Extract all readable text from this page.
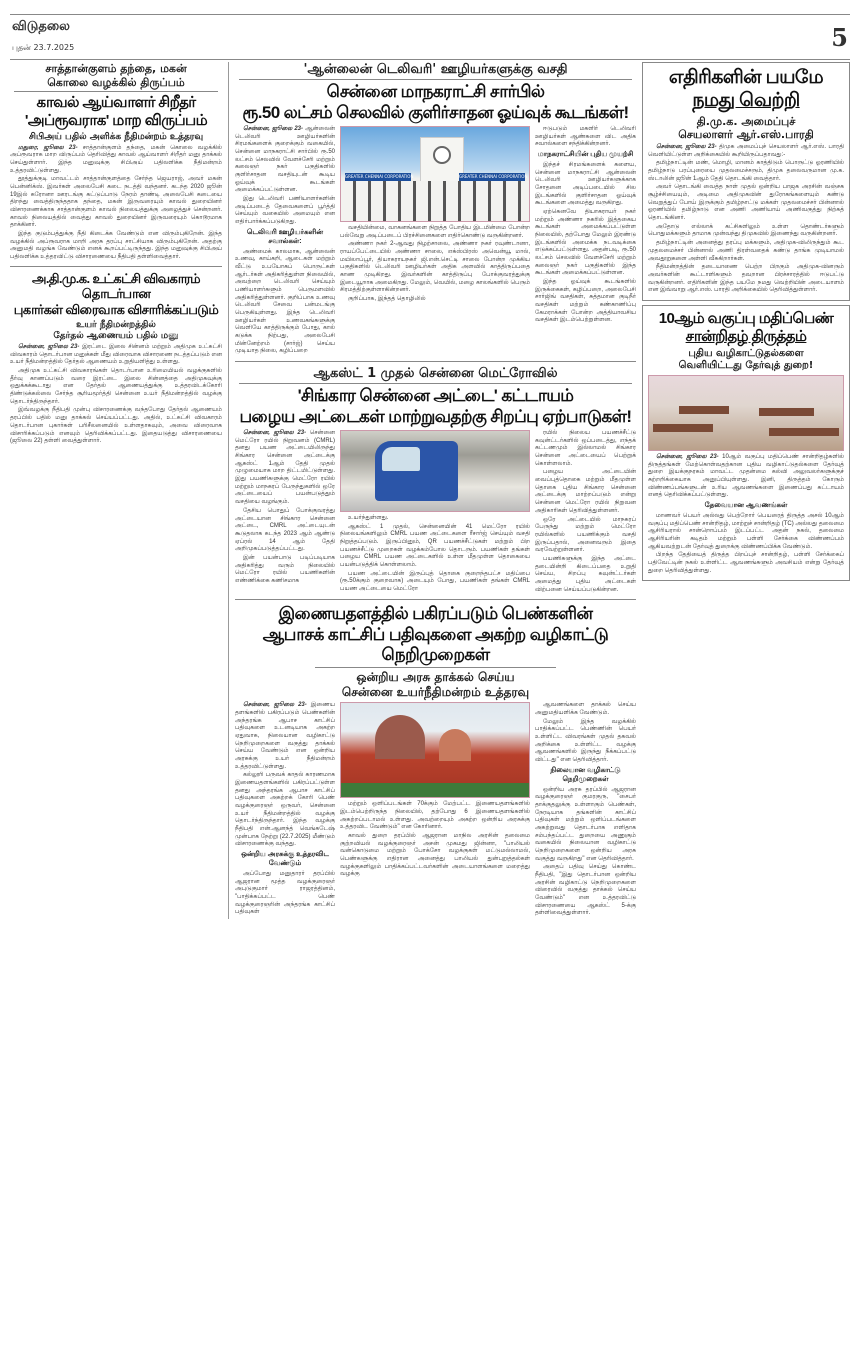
விடுதலை
புதன் 23.7.2025	5
சாத்தான்குளம் தந்தை, மகன்
கொலை வழக்கில் திருப்பம்
காவல் ஆய்வாளர் சிறீதர்
'அப்ரூவராக' மாற விருப்பம்
சிபிஅய் பதில் அளிக்க நீதிமன்றம் உத்தரவு

மதுரை, ஜூலை 23- சாத்தான்குளம் தந்தை, மகன் கொலை வழக்கில் அப்ரூவராக மாற விருப்பம் தெரிவித்து காவல் ஆய்வாளர் சிறீதர் மனு தாக்கல் செய்துள்ளார். இந்த மனுவுக்கு சிபிஅய் பதிலளிக்க நீதிமன்றம் உத்தரவிட்டுள்ளது.

தூத்துக்குடி மாவட்டம் சாத்தான்குளத்தை சேர்ந்த ஜெயராஜ், அவர் மகன் பென்னிக்ஸ். இவர்கள் அலைபேசி கடை நடத்தி வந்தனர். கடந்த 2020 ஜூன் 19இல் கரோனா ஊரடங்கு கட்டுப்பாடு நேரம் தாண்டி அலைபேசி கடையை திறந்து வைத்திருந்ததாக தந்தை, மகன் இருவரையும் காவல் துறையினர் விசாரணைக்காக சாத்தான்குளம் காவல் நிலையத்துக்கு அழைத்துச் சென்றனர். காவல் நிலையத்தில் வைத்து காவல் துறையினர் இருவரையும் கொடூரமாக தாக்கினர்.

இந்த குடும்பத்துக்கு நீதி கிடைக்க வேண்டும் என விரும்புகிறேன். இந்த வழக்கில் அப்ரூவராக மாறி அரசு தரப்பு சாட்சியாக விரும்புகிறேன். அதற்கு அனுமதி வழங்க வேண்டும் எனக் கூறப்பட்டிருந்தது. இந்த மனுவுக்கு சிபிஅய் பதிலளிக்க உத்தரவிட்டு விசாரணையை நீதிபதி தள்ளிவைத்தார்.

அ.தி.மு.க. உட்கட்சி விவகாரம் தொடர்பான
புகார்கள் விரைவாக விசாரிக்கப்படும்
உயர் நீதிமன்றத்தில்
தேர்தல் ஆணையம் பதில் மனு

சென்னை, ஜூலை 23- இரட்டை இலை சின்னம் மற்றும் அதிமுக உட்கட்சி விவகாரம் தொடர்பான மனுக்கள் மீது விரைவாக விசாரணை நடத்தப்படும் என உயர் நீதிமன்றத்தில் தேர்தல் ஆணையம் உறுதியளித்து உள்ளது.

அதிமுக உட்கட்சி விவகாரங்கள் தொடர்பான உரிமையியல் வழக்குகளில் தீர்வு காணப்படும் வரை இரட்டை இலை சின்னத்தை அதிமுகவுக்கு ஒதுக்கக்கூடாது என தேர்தல் ஆணையத்துக்கு உத்தரவிடக்கோரி திண்டுக்கல்லை சேர்ந்த சூரியமூர்த்தி சென்னை உயர் நீதிமன்றத்தில் வழக்கு தொடர்ந்திருந்தார்.

இவ்வழக்கு நீதிபதி முன்பு விசாரணைக்கு வந்தபோது தேர்தல் ஆணையம் தரப்பில் பதில் மனு தாக்கல் செய்யப்பட்டது. அதில், உட்கட்சி விவகாரம் தொடர்பான புகார்கள் பரிசீலனையில் உள்ளதாகவும், அவை விரைவாக விசாரிக்கப்படும் எனவும் தெரிவிக்கப்பட்டது. இதையடுத்து விசாரணையை (ஜூலை 22) தள்ளி வைத்துள்ளார்.

'ஆன்லைன் டெலிவரி' ஊழியர்களுக்கு வசதி
சென்னை மாநகராட்சி சார்பில்
ரூ.50 லட்சம் செலவில் குளிர்சாதன ஓய்வுக் கூடங்கள்!

சென்னை, ஜூலை 23- ஆன்லைன் டெலிவரி ஊழியர்களின் சிரமங்களைக் குறைக்கும் வகையில், சென்னை மாநகராட்சி சார்பில் ரூ.50 லட்சம் செலவில் வேளச்சேரி மற்றும் கலைஞர் நகர் பகுதிகளில் குளிர்சாதன வசதியுடன் கூடிய ஓய்வுக் கூடங்கள் அமைக்கப்பட்டுள்ளன.

இது டெலிவரி பணியாளர்களின் அடிப்படைத் தேவைகளைப் பூர்த்தி செய்யும் வகையில் அமையும் என எதிர்பார்க்கப்படுகிறது.

டெலிவரி ஊழியர்களின் சவால்கள்:

அண்மைக் காலமாக, ஆன்லைன் உணவு, காய்கறி, ஆடைகள் மற்றும் வீட்டு உபயோகப் பொருட்கள் ஆர்டர்கள் அதிகரித்துள்ள நிலையில், அவற்றை டெலிவரி செய்யும் பணியாளர்களும் பெருமளவில் அதிகரித்துள்ளனர். குறிப்பாக உணவு டெலிவரி சேவை பன்மடங்கு பெருகியுள்ளது. இந்த டெலிவரி ஊழியர்கள் உணவகங்களுக்கு வெளியே காத்திருக்கும் போது, கால் கடுக்க நிற்பது, அலைபேசி மின்னேற்றம் (சார்ஜ்) செய்ய முடியாத நிலை, கழிப்பறை

GREATER CHENNAI CORPORATION	GREATER CHENNAI CORPORATION

வசதியின்மை, வாகனங்களை நிறுத்த போதிய இடமின்மை போன்ற பல்வேறு அடிப்படைப் பிரச்சினைகளை எதிர்கொண்டு வருகின்றனர்.

அண்ணா நகர் 2-ஆவது நிழற்சாலை, அண்ணா நகர் ரவுண்டானா, ராயப்பேட்டையில் அண்ணா சாலை, எக்ஸ்பிரஸ் அவென்யூ மால், மயிலாப்பூர், தியாகராயநகர் ஜி.என்.செட்டி சாலை போன்ற முக்கிய பகுதிகளில் டெலிவரி ஊழியர்கள் அதிக அளவில் காத்திருப்பதை காண முடிகிறது. இவர்களின் காத்திருப்பு போக்குவரத்துக்கு இடையூறாக அமைகிறது. மேலும், வெயில், மழை காலங்களில் பெரும் சிரமத்திற்குள்ளாகின்றனர்.

குறிப்பாக, இந்தத் தொழிலில்

ஈடுபடும் மகளிர் டெலிவரி ஊழியர்கள் ஆண்களை விட அதிக சவால்களை சந்திக்கின்றனர்.

மாநகராட்சியின் புதிய முயற்சி

இந்தச் சிரமங்களைக் களைய, சென்னை மாநகராட்சி ஆன்லைன் டெலிவரி ஊழியர்களுக்காக சோதனை அடிப்படையில் சில இடங்களில் குளிர்சாதன ஓய்வுக் கூடங்களை அமைத்து வருகிறது.

ஏற்கெனவே தியாகராயர் நகர் மற்றும் அண்ணா நகரில் இத்தகைய கூடங்கள் அமைக்கப்பட்டுள்ள நிலையில், தற்போது மேலும் இரண்டு இடங்களில் அமைக்க நடவடிக்கை எடுக்கப்பட்டுள்ளது. அதன்படி, ரூ.50 லட்சம் செலவில் வேளச்சேரி மற்றும் கலைஞர் நகர் பகுதிகளில் இந்த கூடங்கள் அமைக்கப்பட்டுள்ளன.

இந்த ஓய்வுக் கூடங்களில் இருக்கைகள், கழிப்பறை, அலைபேசி சார்ஜிங் வசதிகள், சுத்தமான குடிநீர் வசதிகள் மற்றும் கண்காணிப்பு கேமராக்கள் போன்ற அத்தியாவசிய வசதிகள் இடம்பெற்றுள்ளன.

ஆகஸ்ட் 1 முதல் சென்னை மெட்ரோவில்
'சிங்கார சென்னை அட்டை' கட்டாயம்
பழைய அட்டைகள் மாற்றுவதற்கு சிறப்பு ஏற்பாடுகள்!

சென்னை, ஜூலை 23- சென்னை மெட்ரோ ரயில் நிறுவனம் (CMRL) தனது பயண அட்டையிலிருந்து சிங்கார சென்னை அட்டைக்கு ஆகஸ்ட் 1ஆம் தேதி முதல் முழுமையாக மாற திட்டமிட்டுள்ளது. இது பயணிகளுக்கு மெட்ரோ ரயில் மற்றும் மாநகரப் பேருந்துகளில் ஒரே அட்டையைப் பயன்படுத்தும் வசதியை வழங்கும்.

தேசிய பொதுப் போக்குவரத்து அட்டையான சிங்கார சென்னை அட்டை, CMRL அட்டையுடன் கூடுதலாக கடந்த 2023 ஆம் ஆண்டு ஏப்ரல் 14 ஆம் தேதி அறிமுகப்படுத்தப்பட்டது.

இன் பயன்பாடு படிப்படியாக அதிகரித்து வரும் நிலையில் மெட்ரோ ரயில் பயணிகளின் எண்ணிக்கை கணிசமாக

உயர்ந்துள்ளது.

ஆகஸ்ட் 1 முதல், சென்னையின் 41 மெட்ரோ ரயில் நிலையங்களிலும் CMRL பயண அட்டைகளை ரீசார்ஜ் செய்யும் வசதி நிறுத்தப்படும். இருப்பினும், QR பயணச்சீட்டுகள் மற்றும் பிற பயணச்சீட்டு முறைகள் வழக்கம்போல தொடரும். பயணிகள் தங்கள் பழைய CMRL பயண அட்டைகளில் உள்ள மீதமுள்ள தொகையை பயன்படுத்திக் கொள்ளலாம்.

பயண அட்டையின் இருப்புத் தொகை குறைந்தபட்ச மதிப்பை (ரூ.50க்கும் குறைவாக) அடையும் போது, பயணிகள் தங்கள் CMRL பயண அட்டையை மெட்ரோ

ரயில் நிலைய பயணச்சீட்டு கவுன்ட்டர்களில் ஒப்படைத்து, எந்தக் கட்டணமும் இல்லாமல் சிங்கார சென்னை அட்டையைப் பெற்றுக் கொள்ளலாம்.

பழைய அட்டையின் வைப்புத்தொகை மற்றும் மீதமுள்ள தொகை புதிய சிங்கார சென்னை அட்டைக்கு மாற்றப்படும் என்று சென்னை மெட்ரோ ரயில் நிறுவன அதிகாரிகள் தெரிவித்துள்ளனர்.

ஒரே அட்டையில் மாநகரப் பேருந்து மற்றும் மெட்ரோ ரயில்களில் பயணிக்கும் வசதி இருப்பதால், அனைவரும் இதை வரவேற்றுள்ளனர்.

பயணிகளுக்கு இந்த அட்டை தடையின்றி கிடைப்பதை உறுதி செய்ய, சிறப்பு கவுன்ட்டர்கள் அமைத்து புதிய அட்டைகள் விற்பனை செய்யப்படுகின்றன.

இணையதளத்தில் பகிரப்படும் பெண்களின்
ஆபாசக் காட்சிப் பதிவுகளை அகற்ற வழிகாட்டு நெறிமுறைகள்
ஒன்றிய அரசு தாக்கல் செய்ய
சென்னை உயர்நீதிமன்றம் உத்தரவு

சென்னை, ஜூலை 23- இணைய தளங்களில் பகிரப்படும் பெண்களின் அந்தரங்க ஆபாச காட்சிப் பதிவுகளை உடனடியாக அகற்ற ஏதுவாக, நிலையான வழிகாட்டு நெறிமுறைகளை வகுத்து தாக்கல் செய்ய வேண்டும் என ஒன்றிய அரசுக்கு உயர் நீதிமன்றம் உத்தரவிட்டுள்ளது.

கல்லூரி பருவக் காதல் காரணமாக இணையதளங்களில் பகிரப்பட்டுள்ள தனது அந்தரங்க ஆபாச காட்சிப் பதிவுகளை அகற்றக் கோரி பெண் வழக்குரைஞர் ஒருவர், சென்னை உயர் நீதிமன்றத்தில் வழக்கு தொடர்ந்திருந்தார். இந்த வழக்கு நீதிபதி என்.ஆனந்த் வெங்கடேஷ் முன்பாக நேற்று (22.7.2025) மீண்டும் விசாரணைக்கு வந்தது.

ஒன்றிய அரசுக்கு உத்தரவிட வேண்டும்

அப்போது மனுதாரர் தரப்பில் ஆஜரான மூத்த வழக்குரைஞர் அபுடுகுமார் ராஜரத்தினம், "பாதிக்கப்பட்ட பெண் வழக்குரைஞரின் அந்தரங்க காட்சிப் பதிவுகள்

மற்றும் ஒளிப்படங்கள் 70க்கும் மேற்பட்ட இணையதளங்களில் இடம்பெற்றிருந்த நிலையில், தற்போது 6 இணையதளங்களில் அகற்றப்படாமல் உள்ளது. அவற்றையும் அகற்ற ஒன்றிய அரசுக்கு உத்தரவிட வேண்டும்" என கோரினார்.

காவல் துறை தரப்பில் ஆஜரான மாநில அரசின் தலைமை குற்றவியல் வழக்குரைஞர் அசன் முகமது ஜின்னா, "பாலியல் வன்கொடுமை மற்றும் போக்சோ வழக்குகள் மட்டுமல்லாமல், பெண்களுக்கு எதிரான அனைத்து பாலியல் துன்புறுத்தல்கள் வழக்குகளிலும் பாதிக்கப்பட்டவர்களின் அடையாளங்களை மறைத்து வழக்கு

ஆவணங்களை தாக்கல் செய்ய அனுமதியளிக்க வேண்டும்.

மேலும் இந்த வழக்கில் பாதிக்கப்பட்ட பெண்ணின் பெயர் உள்ளிட்ட விவரங்கள் முதல் தகவல் அறிக்கை உள்ளிட்ட வழக்கு ஆவணங்களில் இருந்து நீக்கப்பட்டு விட்டது" என தெரிவித்தார்.

நிலையான வழிகாட்டு நெறிமுறைகள்

ஒன்றிய அரசு தரப்பில் ஆஜரான வழக்குரைஞர் குமரகுரு, "சைபர் தாக்குதலுக்கு உள்ளாகும் பெண்கள், நேரடியாக தங்களின் காட்சிப் பதிவுகள் மற்றும் ஒளிப்படங்களை அகற்றுவது தொடர்பாக எளிதாக சம்பந்தப்பட்ட துறையை அணுகும் வகையில் நிலையான வழிகாட்டு நெறிமுறைகளை ஒன்றிய அரசு வகுத்து வருகிறது" என தெரிவித்தார்.

அதைப் பதிவு செய்து கொண்ட நீதிபதி, "இது தொடர்பான ஒன்றிய அரசின் வழிகாட்டு நெறிமுறைகளை விரைவில் வகுத்து தாக்கல் செய்ய வேண்டும்" என உத்தரவிட்டு விசாரணையை ஆகஸ்ட் 5-க்கு தள்ளிவைத்துள்ளார்.

எதிரிகளின் பயமே
நமது வெற்றி
தி.மு.க. அமைப்புச்
செயலாளர் ஆர்.எஸ்.பாரதி

சென்னை, ஜூலை 23- திமுக அமைப்புச் செயலாளர் ஆர்.எஸ். பாரதி வெளியிட்டுள்ள அறிக்கையில் கூறியிருப்பதாவது:-

தமிழ்நாட்டின் மண், மொழி, மானம் காத்திடும் பொருட்டு ஓரணியில் தமிழ்நாடு பரப்புரையை முதலமைச்சரும், திமுக தலைவருமான மு.க. ஸ்டாலின் ஜூன் 1ஆம் தேதி தொடங்கி வைத்தார்.

அவர் தொடங்கி வைத்த நாள் முதல் ஒன்றிய பாஜக அரசின் வஞ்சக சூழ்ச்சியையும், அடிமை அதிமுகவின் துரோகங்களையும் கண்டு வெறுத்துப் போய் இருக்கும் தமிழ்நாட்டு மக்கள் முதலமைச்சர் பின்னால் ஓரணியில் தமிழ்நாடு என அணி அணியாய் அணிவகுத்து நிற்கத் தொடங்கினர்.

அதோடு எல்லாக் கட்சிகளிலும் உள்ள தொண்டர்களும் பொதுமக்களும் தாமாக முன்வந்து திமுகவில் இணைந்து வருகின்றனர்.

தமிழ்நாட்டின் அனைத்து தரப்பு மக்களும், அதிமுக-விலிருந்தும் கூட முதலமைச்சர் பின்னால் அணி திரள்வதைக் கண்டு தாங்க முடியாமல் அவதூறுகளை அள்ளி வீசுகிறார்கள்.

நீதிமன்றத்தின் தடையாணை பெற்ற பிறகும் அதிமுக-வினரும் அவர்களின் கூட்டாளிகளும் தவறான பிரச்சாரத்தில் ஈடுபட்டு வருகின்றனர். எதிரிகளின் இந்த பயமே நமது வெற்றியின் அடையாளம் என இவ்வாறு ஆர்.எஸ். பாரதி அறிக்கையில் தெரிவித்துள்ளார்.

10ஆம் வகுப்பு மதிப்பெண்
சான்றிதழ் திருத்தம்
புதிய வழிகாட்டுதல்களை
வெளியிட்டது தேர்வுத் துறை!

சென்னை, ஜூலை 23- 10ஆம் வகுப்பு மதிப்பெண் சான்றிதழ்களில் திருத்தங்கள் மேற்கொள்வதற்கான புதிய வழிகாட்டுதல்களை தேர்வுத் துறை இயக்குநரகம் மாவட்ட முதன்மை கல்வி அலுவலர்களுக்குச் சுற்றறிக்கையாக அனுப்பியுள்ளது. இனி, திருத்தம் கோரும் விண்ணப்பங்களுடன் உரிய ஆவணங்களை இணைப்பது கட்டாயம் எனத் தெரிவிக்கப்பட்டுள்ளது.

தேவையான ஆவணங்கள்

மாணவர் பெயர் அல்லது பெற்றோர் பெயரைத் திருத்த அசல் 10ஆம் வகுப்பு மதிப்பெண் சான்றிதழ், மாற்றுச் சான்றிதழ் (TC) அல்லது தலைமை ஆசிரியரால் சான்றொப்பம் இடப்பட்ட அதன் நகல், தலைமை ஆசிரியரின் கடிதம் மற்றும் பள்ளி சேர்க்கை விண்ணப்பம் ஆகியவற்றுடன் தேர்வுத் துறைக்கு விண்ணப்பிக்க வேண்டும்.

பிறந்த தேதியைத் திருத்த பிறப்புச் சான்றிதழ், பள்ளி சேர்க்கைப் பதிவேட்டின் நகல் உள்ளிட்ட ஆவணங்களும் அவசியம் என்று தேர்வுத் துறை தெரிவித்துள்ளது.
